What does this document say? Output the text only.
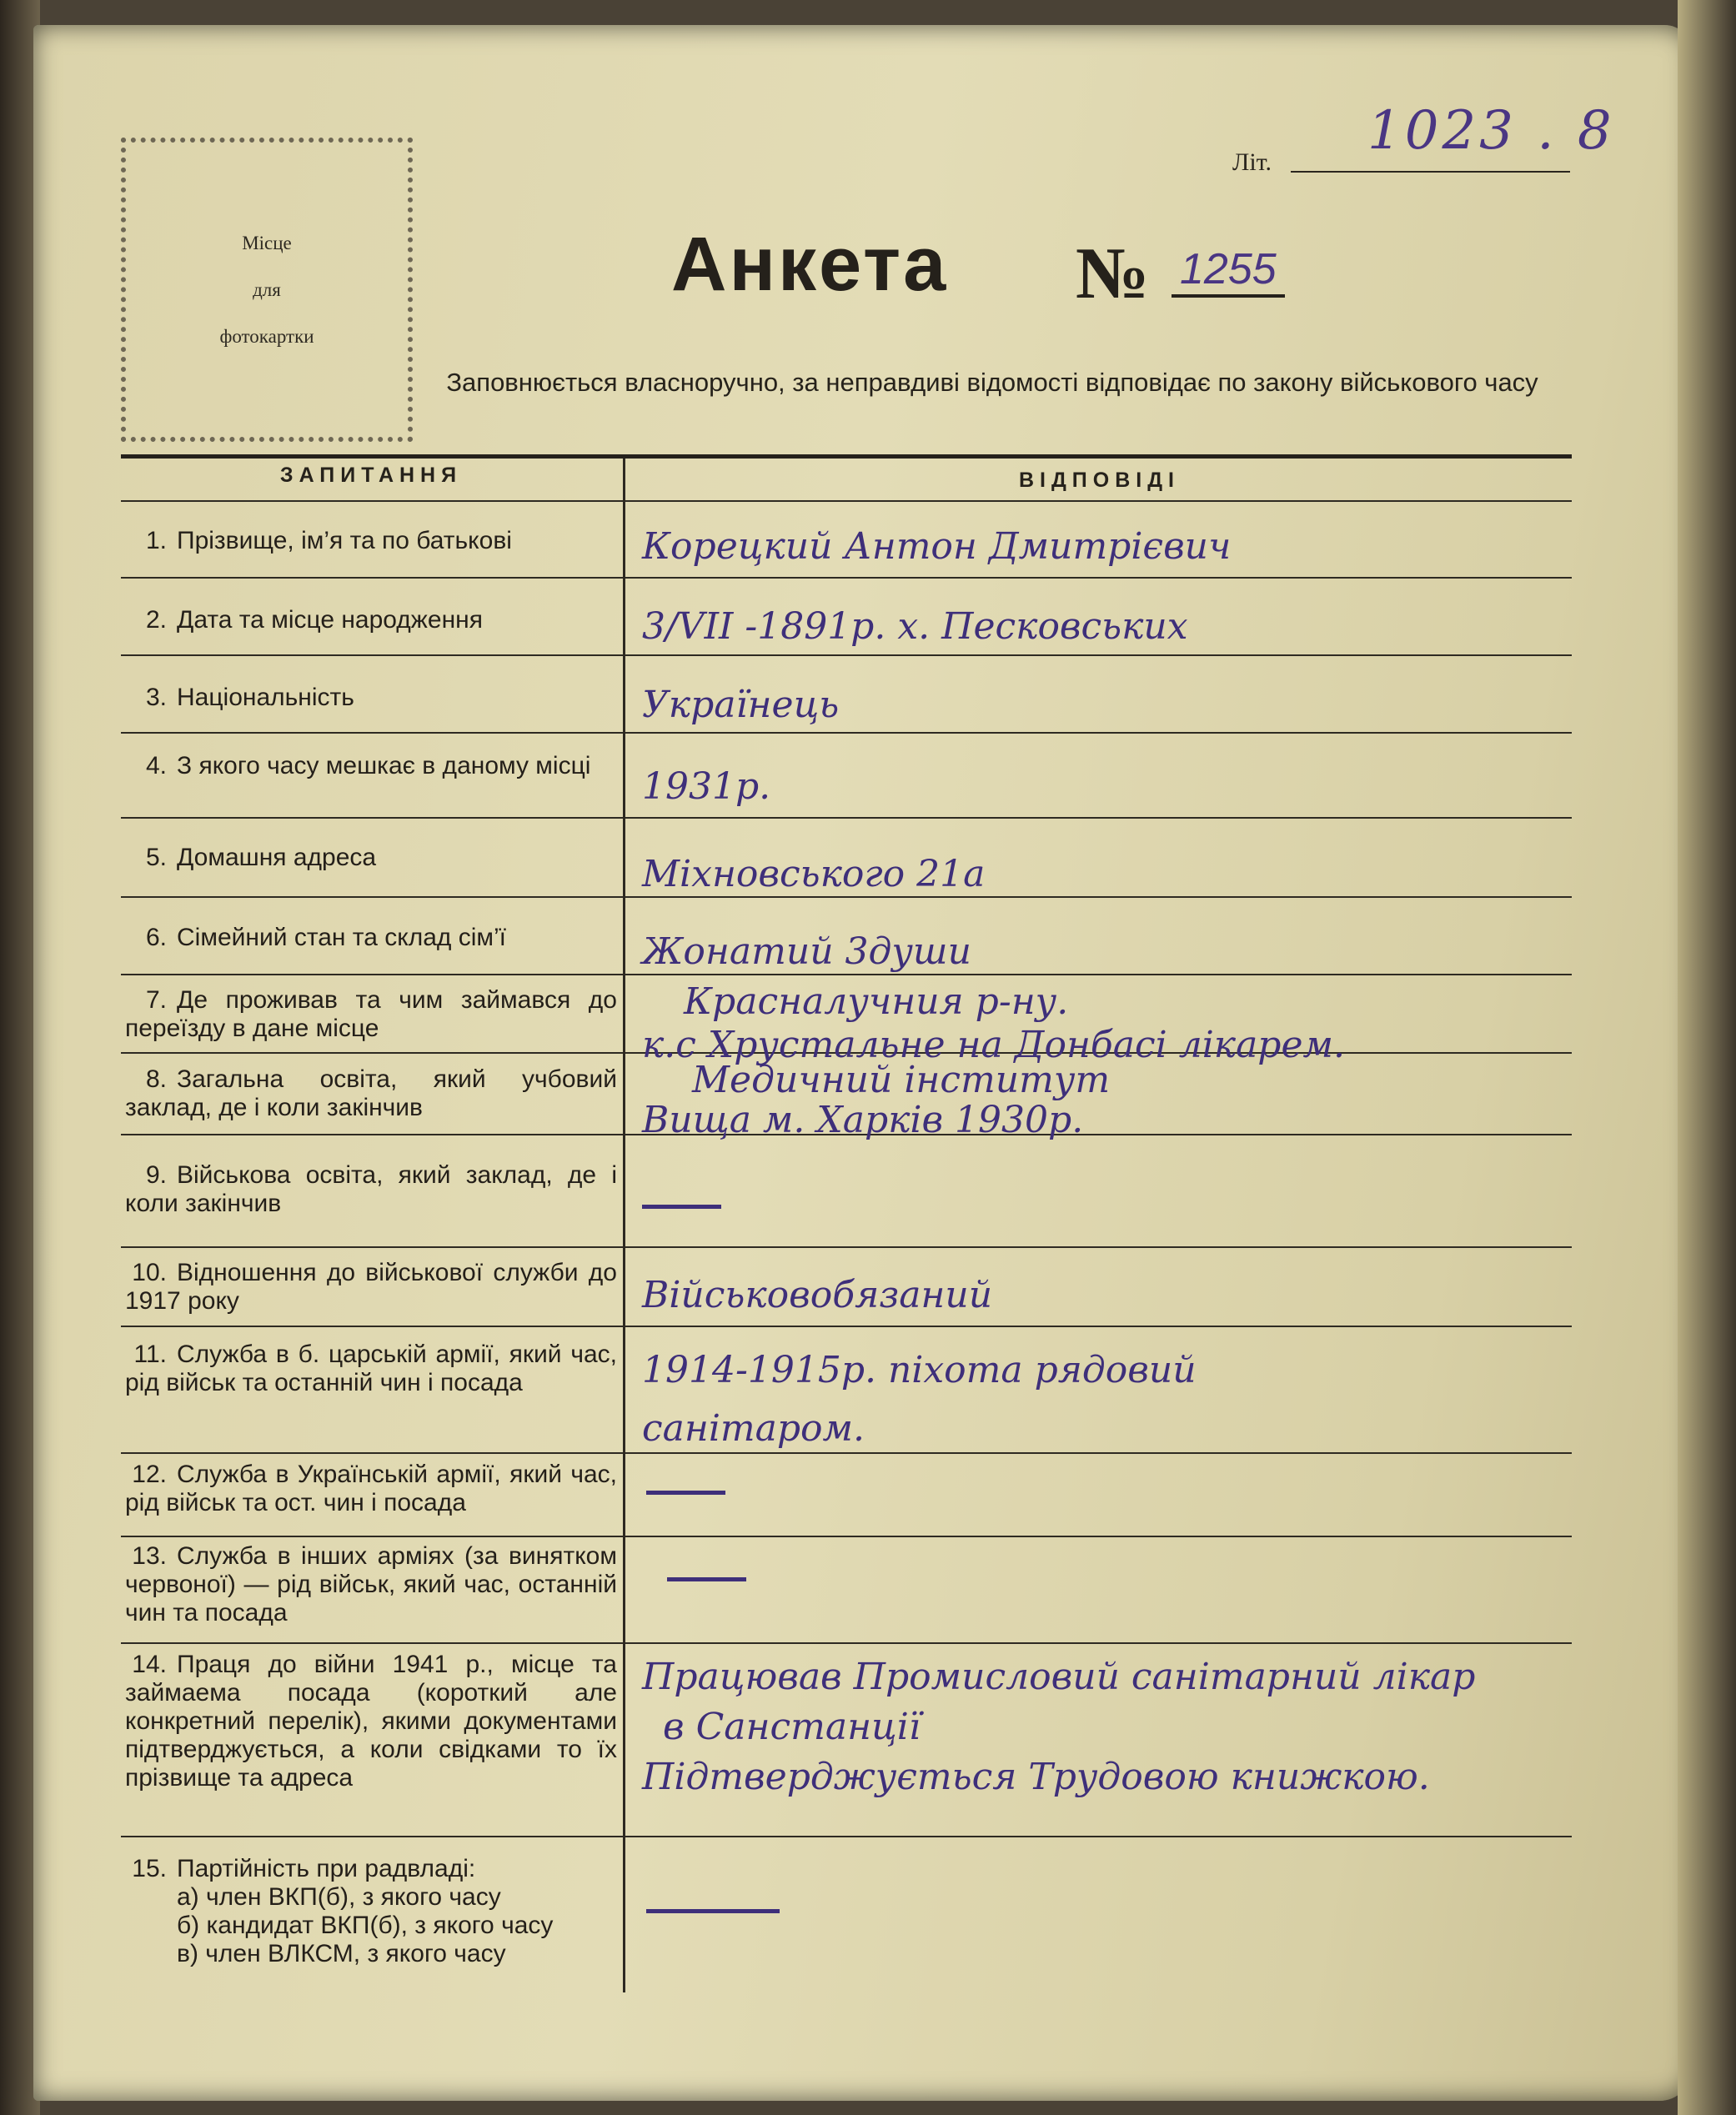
Місце
для
фотокартки
Літ.
1023 . 8
Анкета № 1255
Заповнюється власноручно, за неправдиві відомості відповідає по закону військового часу
ЗАПИТАННЯ	ВІДПОВІДІ
1. Прізвище, ім’я та по батькові
2. Дата та місце народження
3. Національність
4. З якого часу мешкає в даному місці
5. Домашня адреса
6. Сімейний стан та склад сім’ї
7. Де проживав та чим займався до переїзду в дане місце
8. Загальна освіта, який учбовий заклад, де і коли закінчив
9. Військова освіта, який заклад, де і коли закінчив
10. Відношення до військової служби до 1917 року
11. Служба в б. царській армії, який час, рід військ та останній чин і посада
12. Служба в Українській армії, який час, рід військ та ост. чин і посада
13. Служба в інших арміях (за винятком червоної) — рід військ, який час, останній чин та посада
14. Праця до війни 1941 р., місце та займаема посада (короткий але конкретний перелік), якими документами підтверджується, а коли свідками то їх прізвище та адреса
15. Партійність при радвладі:
а) член ВКП(б), з якого часу
б) кандидат ВКП(б), з якого часу
в) член ВЛКСМ, з якого часу
Корецкий Антон Дмитрієвич
3/VII -1891р. х. Песковських
Українець
1931р.
Міхновського 21а
Жонатий 3души
Красналучния р-ну.
к.с Хрустальне на Донбасі лікарем.
Медичний інститут
Вища м. Харків 1930р.
Військовобязаний
1914-1915р. піхота рядовий
санітаром.
Працював Промисловий санітарний лікар
в Санстанції
Підтверджується Трудовою книжкою.
